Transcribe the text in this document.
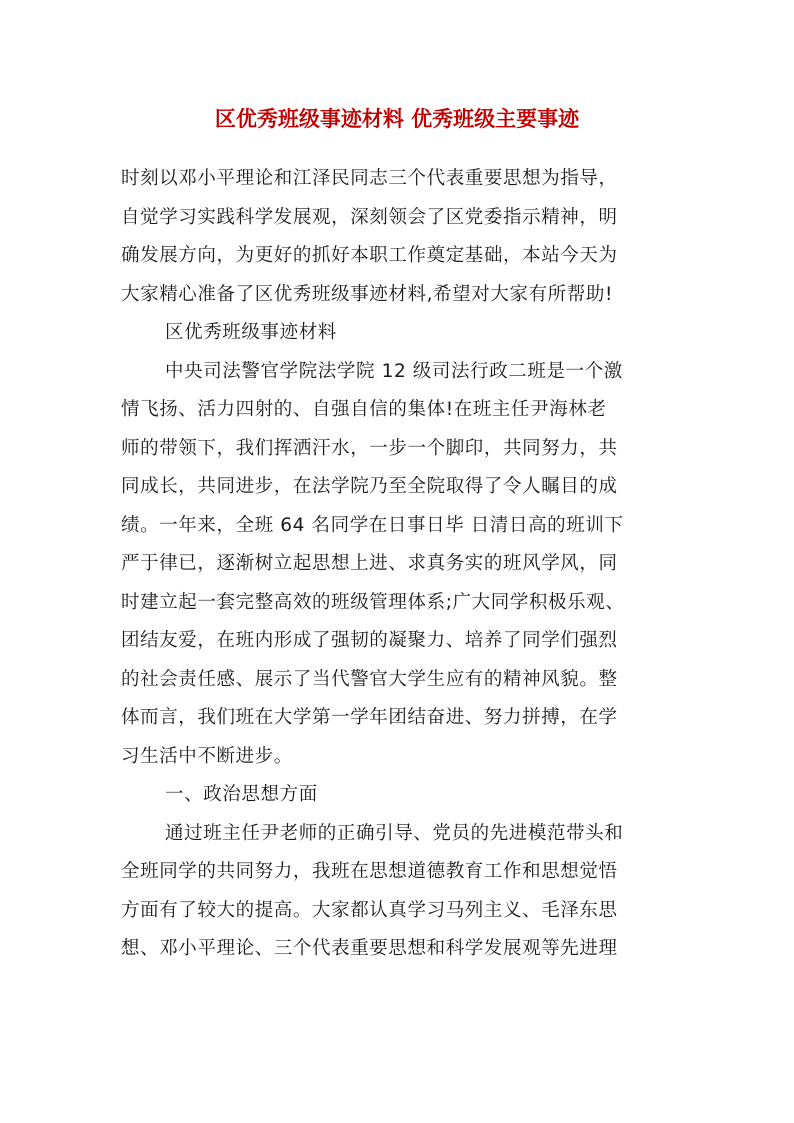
区优秀班级事迹材料 优秀班级主要事迹
时刻以邓小平理论和江泽民同志三个代表重要思想为指导，
自觉学习实践科学发展观，深刻领会了区党委指示精神，明
确发展方向，为更好的抓好本职工作奠定基础，本站今天为
大家精心准备了区优秀班级事迹材料,希望对大家有所帮助!
区优秀班级事迹材料
中央司法警官学院法学院 12 级司法行政二班是一个激
情飞扬、活力四射的、自强自信的集体!在班主任尹海林老
师的带领下，我们挥洒汗水，一步一个脚印，共同努力，共
同成长，共同进步，在法学院乃至全院取得了令人瞩目的成
绩。一年来，全班 64 名同学在日事日毕 日清日高的班训下
严于律已，逐渐树立起思想上进、求真务实的班风学风，同
时建立起一套完整高效的班级管理体系;广大同学积极乐观、
团结友爱，在班内形成了强韧的凝聚力、培养了同学们强烈
的社会责任感、展示了当代警官大学生应有的精神风貌。整
体而言，我们班在大学第一学年团结奋进、努力拼搏，在学
习生活中不断进步。
一、政治思想方面
通过班主任尹老师的正确引导、党员的先进模范带头和
全班同学的共同努力，我班在思想道德教育工作和思想觉悟
方面有了较大的提高。大家都认真学习马列主义、毛泽东思
想、邓小平理论、三个代表重要思想和科学发展观等先进理
